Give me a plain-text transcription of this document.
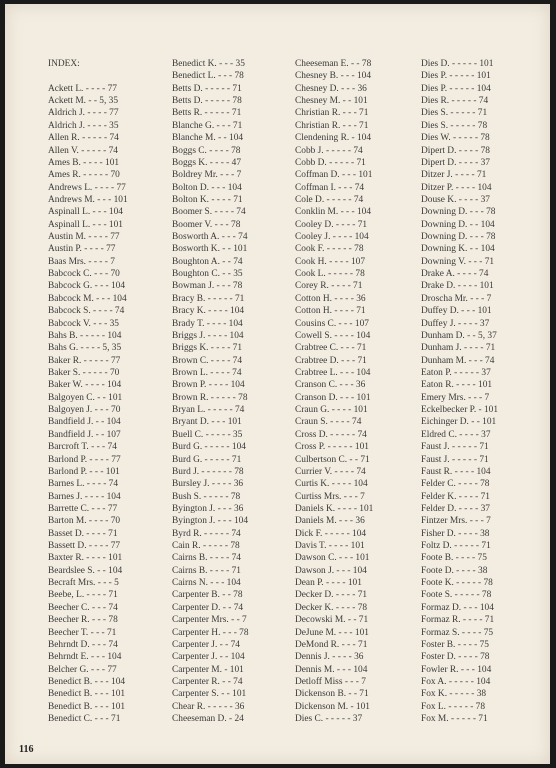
INDEX:
Ackett L. - - - - 77
Ackett M. - - 5, 35
Aldrich J. - - - - 77
Aldrich J. - - - - 35
Allen R. - - - - - 74
Allen V. - - - - - 74
Ames B. - - - - 101
Ames R. - - - - - 70
Andrews L. - - - - 77
Andrews M. - - - 101
Aspinall L. - - - 104
Aspinall L. - - - 101
Austin M. - - - - 77
Austin P. - - - - 77
Baas Mrs. - - - - 7
Babcock C. - - - 70
Babcock G. - - - 104
Babcock M. - - - 104
Babcock S. - - - - 74
Babcock V. - - - 35
Bahs B. - - - - - 104
Bahs G. - - - - 5, 35
Baker R. - - - - - 77
Baker S. - - - - - 70
Baker W. - - - - 104
Balgoyen C. - - 101
Balgoyen J. - - - 70
Bandfield J. - - 104
Bandfield J. - - 107
Barcroft T. - - - 74
Barlond P. - - - - 77
Barlond P. - - - 101
Barnes L. - - - - 74
Barnes J. - - - - 104
Barrette C. - - - 77
Barton M. - - - - 70
Basset D. - - - - 71
Bassett D. - - - - 77
Baxter R. - - - - 101
Beardslee S. - - 104
Becraft Mrs. - - - 5
Beebe, L. - - - - 71
Beecher C. - - - 74
Beecher R. - - - 78
Beecher T. - - - 71
Behrndt D. - - - 74
Behrndt E. - - - 104
Belcher G. - - - 77
Benedict B. - - - 104
Benedict B. - - - 101
Benedict B. - - - 101
Benedict C. - - - 71
Benedict K. - - - 35
Benedict L. - - - 78
Betts D. - - - - - 71
Betts D. - - - - - 78
Betts R. - - - - - 71
Blanche G. - - - 71
Blanche M. - - 104
Boggs C. - - - - 78
Boggs K. - - - - 47
Boldrey Mr. - - - 7
Bolton D. - - - 104
Bolton K. - - - - 71
Boomer S. - - - - 74
Boomer V. - - - 78
Bosworth A. - - - 74
Bosworth K. - - 101
Boughton A. - - 74
Boughton C. - - 35
Bowman J. - - - 78
Bracy B. - - - - - 71
Bracy K. - - - - 104
Brady T. - - - - 104
Briggs J. - - - - 104
Briggs K. - - - - 71
Brown C. - - - - 74
Brown L. - - - - 74
Brown P. - - - - 104
Brown R. - - - - - 78
Bryan L. - - - - - 74
Bryant D. - - - 101
Buell C. - - - - - 35
Burd G. - - - - - 104
Burd G. - - - - - 71
Burd J. - - - - - - 78
Bursley J. - - - - 36
Bush S. - - - - - 78
Byington J. - - - 36
Byington J. - - - 104
Byrd R. - - - - - 74
Cain R. - - - - - 78
Cairns B. - - - - 74
Cairns B. - - - - 71
Cairns N. - - - 104
Carpenter B. - - 78
Carpenter D. - - 74
Carpenter Mrs. - - 7
Carpenter H. - - - 78
Carpenter J. - - 74
Carpenter J. - - 104
Carpenter M. - 101
Carpenter R. - - 74
Carpenter S. - - 101
Chear R. - - - - - 36
Cheeseman D. - 24
Cheeseman E. - - 78
Chesney B. - - - 104
Chesney D. - - - 36
Chesney M. - - 101
Christian R. - - - 71
Christian R. - - - 71
Clendening R. - 104
Cobb J. - - - - - 74
Cobb D. - - - - - 71
Coffman D. - - - 101
Coffman I. - - - 74
Cole D. - - - - - 74
Conklin M. - - - 104
Cooley D. - - - - 71
Cooley J. - - - - 104
Cook F. - - - - - 78
Cook H. - - - - 107
Cook L. - - - - - 78
Corey R. - - - - 71
Cotton H. - - - - 36
Cotton H. - - - - 71
Cousins C. - - - 107
Cowell S. - - - - 104
Crabtree C. - - - 71
Crabtree D. - - - 71
Crabtree L. - - - 104
Cranson C. - - - 36
Cranson D. - - - 101
Craun G. - - - - 101
Craun S. - - - - 74
Cross D. - - - - - 74
Cross P. - - - - - 101
Culbertson C. - - 71
Currier V. - - - - 74
Curtis K. - - - - 104
Curtiss Mrs. - - - 7
Daniels K. - - - - 101
Daniels M. - - - 36
Dick F. - - - - - 104
Davis T. - - - - 101
Dawson C. - - - 101
Dawson J. - - - 104
Dean P. - - - - 101
Decker D. - - - - 71
Decker K. - - - - 78
Decowski M. - - 71
DeJune M. - - - 101
DeMond R. - - - 71
Dennis J. - - - - 36
Dennis M. - - - 104
Detloff Miss - - - 7
Dickenson B. - - 71
Dickenson M. - 101
Dies C. - - - - - 37
Dies D. - - - - - 101
Dies P. - - - - - 101
Dies P. - - - - - 104
Dies R. - - - - - 74
Dies S. - - - - - 71
Dies S. - - - - - 78
Dies W. - - - - - 78
Dipert D. - - - - 78
Dipert D. - - - - 37
Ditzer J. - - - - 71
Ditzer P. - - - - 104
Douse K. - - - - 37
Downing D. - - - 78
Downing D. - - 104
Downing D. - - - 78
Downing K. - - 104
Downing V. - - - 71
Drake A. - - - - 74
Drake D. - - - - 101
Droscha Mr. - - - 7
Duffey D. - - - 101
Duffey J. - - - - 37
Dunham D. - - 5, 37
Dunham J. - - - - 71
Dunham M. - - - 74
Eaton P. - - - - - 37
Eaton R. - - - - 101
Emery Mrs. - - - 7
Eckelbecker P. - 101
Eichinger D. - - 101
Eldred C. - - - - 37
Faust J. - - - - - 71
Faust J. - - - - - 71
Faust R. - - - - 104
Felder C. - - - - 78
Felder K. - - - - 71
Felder D. - - - - 37
Fintzer Mrs. - - - 7
Fisher D. - - - - 38
Foltz D. - - - - - 71
Foote B. - - - - 75
Foote D. - - - - 38
Foote K. - - - - - 78
Foote S. - - - - - 78
Formaz D. - - - 104
Formaz R. - - - - 71
Formaz S. - - - - 75
Foster B. - - - - 75
Foster D. - - - - 78
Fowler R. - - - 104
Fox A. - - - - - 104
Fox K. - - - - - 38
Fox L. - - - - - 78
Fox M. - - - - - 71
116
